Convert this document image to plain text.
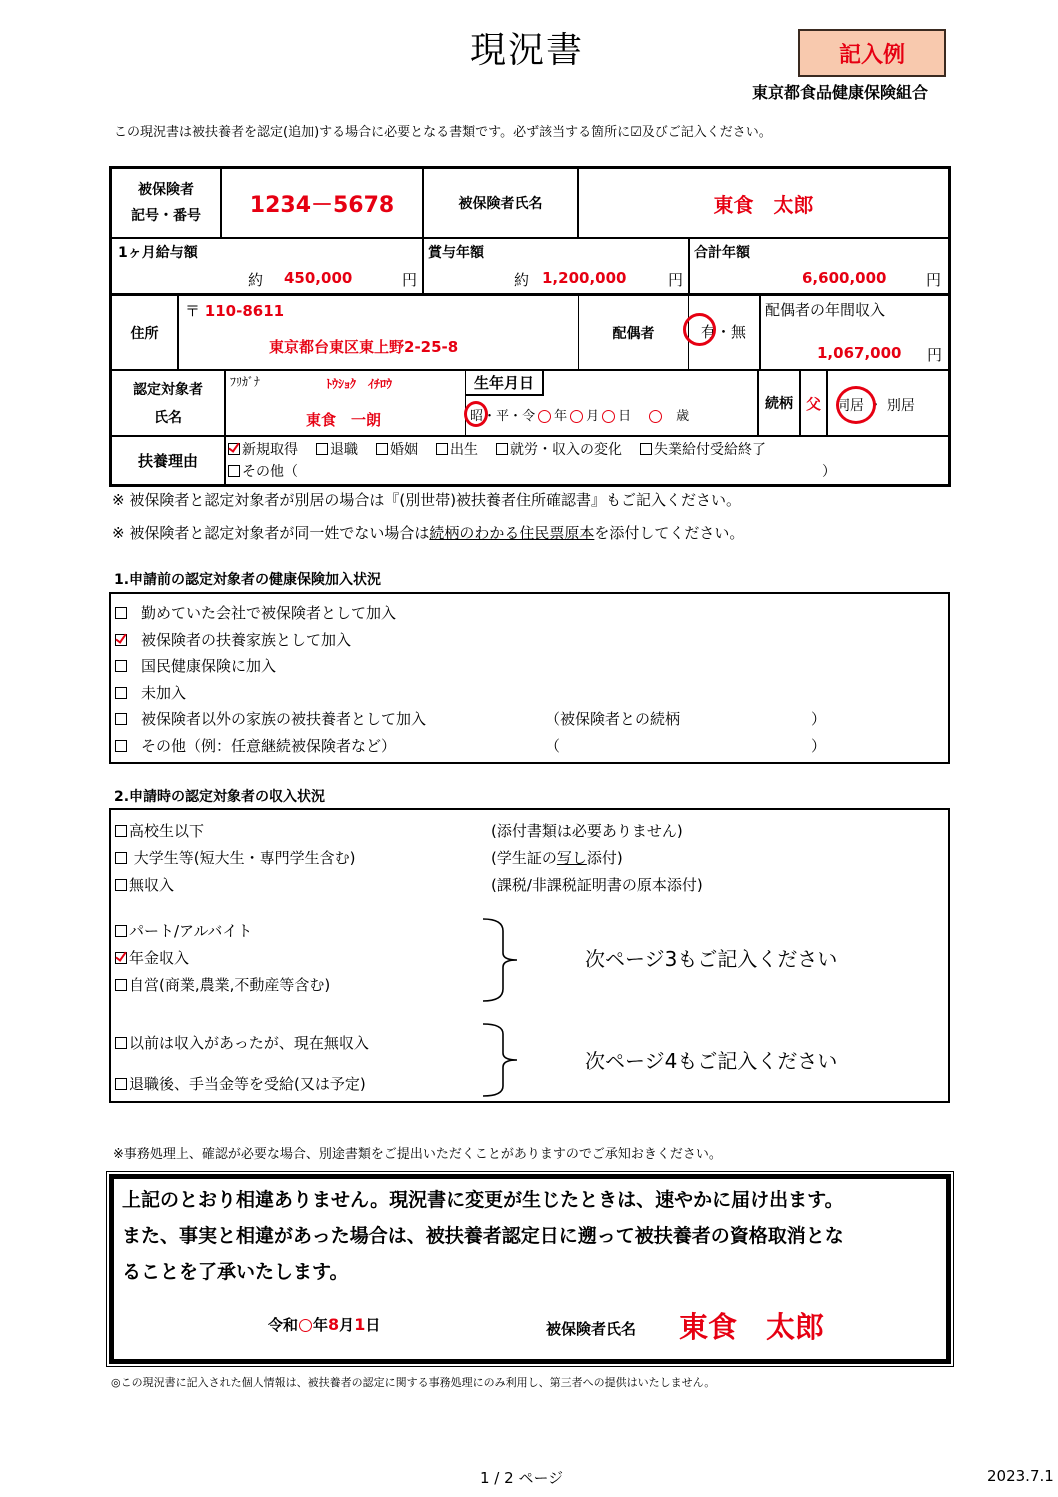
現況書	記入例
東京都食品健康保険組合
この現況書は被扶養者を認定(追加)する場合に必要となる書類です。必ず該当する箇所に☑及びご記入ください。
被保険者
記号・番号	1234－5678	被保険者氏名	東食　太郎
1ヶ月給与額
約 450,000	円
賞与年額
約 1,200,000	円
合計年額
6,600,000	円
住所
〒 110-8611
東京都台東区東上野2-25-8
配偶者	有・無
配偶者の年間収入
1,067,000 円
認定対象者
氏名
ﾌﾘｶﾞﾅ	ﾄｳｼｮｸ　ｲﾁﾛｳ
東食　一朗
生年月日
昭・平・令 年 月 日	歳
続柄 父 同居 ・ 別居
扶養理由
新規取得 退職 婚姻 出生 就労・収入の変化 失業給付受給終了
その他（	）
※ 被保険者と認定対象者が別居の場合は『(別世帯)被扶養者住所確認書』もご記入ください。
※ 被保険者と認定対象者が同一姓でない場合は続柄のわかる住民票原本を添付してください。
1.申請前の認定対象者の健康保険加入状況
勤めていた会社で被保険者として加入
被保険者の扶養家族として加入
国民健康保険に加入
未加入
被保険者以外の家族の被扶養者として加入	（被保険者との続柄	）
その他（例：任意継続被保険者など）	（	）
2.申請時の認定対象者の収入状況
次ページ3もご記入ください
次ページ4もご記入ください
高校生以下
大学生等(短大生・専門学生含む)
無収入
パート/アルバイト
年金収入
自営(商業,農業,不動産等含む)
以前は収入があったが、現在無収入
退職後、手当金等を受給(又は予定)
(添付書類は必要ありません)
(学生証の写し添付)
(課税/非課税証明書の原本添付)
※事務処理上、確認が必要な場合、別途書類をご提出いただくことがありますのでご承知おきください。
上記のとおり相違ありません。現況書に変更が生じたときは、速やかに届け出ます。
また、事実と相違があった場合は、被扶養者認定日に遡って被扶養者の資格取消とな
ることを了承いたします。
令和 年8月1日	被保険者氏名 東食　太郎
◎この現況書に記入された個人情報は、被扶養者の認定に関する事務処理にのみ利用し、第三者への提供はいたしません。
1 / 2 ページ	2023.7.1
